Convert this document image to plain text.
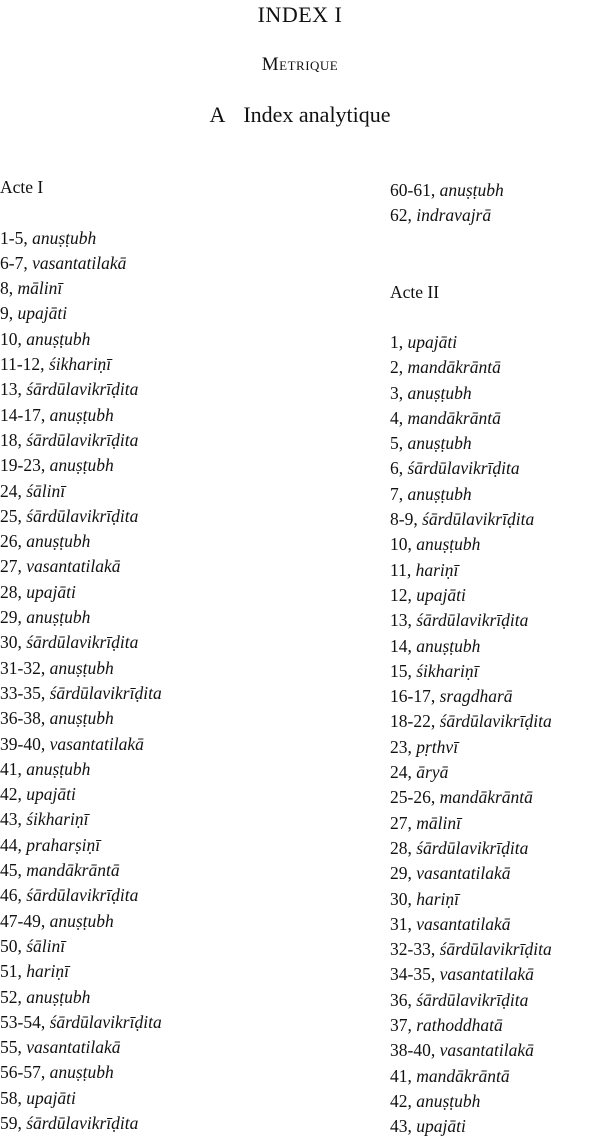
INDEX I
Metrique
A Index analytique
Acte I
1-5, anuṣṭubh
6-7, vasantatilakā
8, mālinī
9, upajāti
10, anuṣṭubh
11-12, śikhariṇī
13, śārdūlavikrīḍita
14-17, anuṣṭubh
18, śārdūlavikrīḍita
19-23, anuṣṭubh
24, śālinī
25, śārdūlavikrīḍita
26, anuṣṭubh
27, vasantatilakā
28, upajāti
29, anuṣṭubh
30, śārdūlavikrīḍita
31-32, anuṣṭubh
33-35, śārdūlavikrīḍita
36-38, anuṣṭubh
39-40, vasantatilakā
41, anuṣṭubh
42, upajāti
43, śikhariṇī
44, praharṣiṇī
45, mandākrāntā
46, śārdūlavikrīḍita
47-49, anuṣṭubh
50, śālinī
51, hariṇī
52, anuṣṭubh
53-54, śārdūlavikrīḍita
55, vasantatilakā
56-57, anuṣṭubh
58, upajāti
59, śārdūlavikrīḍita
60-61, anuṣṭubh
62, indravajrā
Acte II
1, upajāti
2, mandākrāntā
3, anuṣṭubh
4, mandākrāntā
5, anuṣṭubh
6, śārdūlavikrīḍita
7, anuṣṭubh
8-9, śārdūlavikrīḍita
10, anuṣṭubh
11, hariṇī
12, upajāti
13, śārdūlavikrīḍita
14, anuṣṭubh
15, śikhariṇī
16-17, sragdharā
18-22, śārdūlavikrīḍita
23, pṛthvī
24, āryā
25-26, mandākrāntā
27, mālinī
28, śārdūlavikrīḍita
29, vasantatilakā
30, hariṇī
31, vasantatilakā
32-33, śārdūlavikrīḍita
34-35, vasantatilakā
36, śārdūlavikrīḍita
37, rathoddhatā
38-40, vasantatilakā
41, mandākrāntā
42, anuṣṭubh
43, upajāti
